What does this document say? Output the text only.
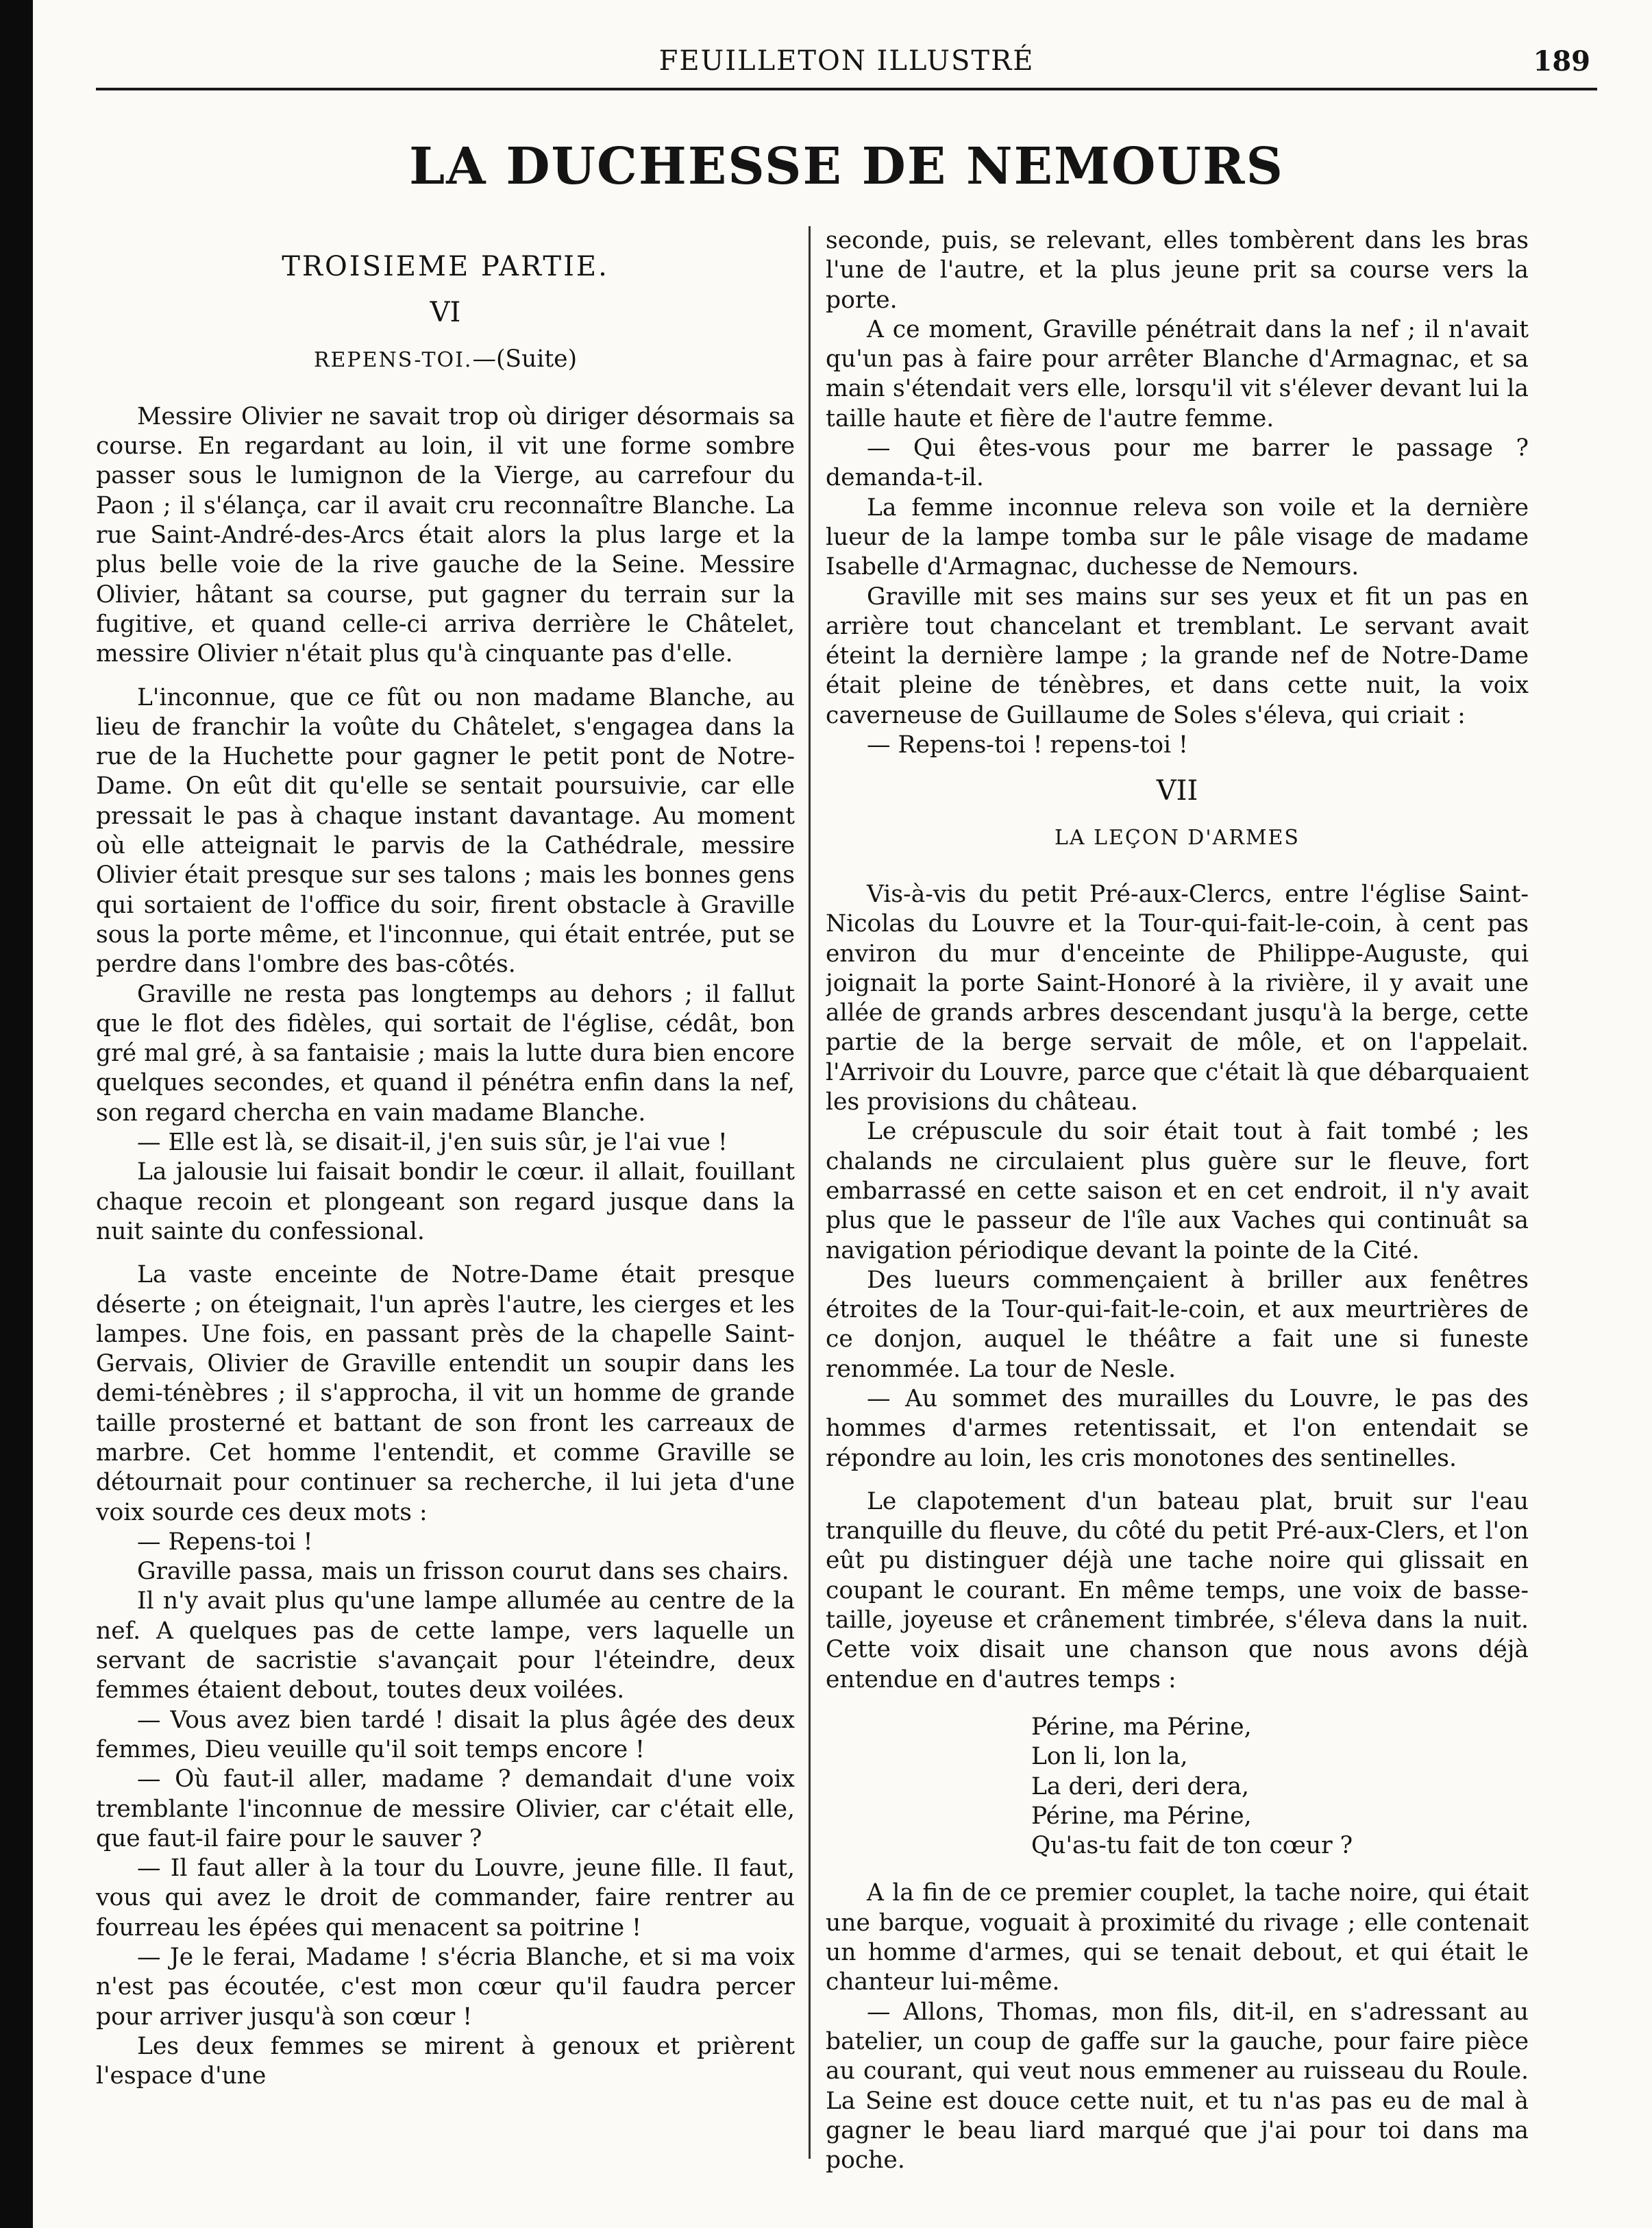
FEUILLETON ILLUSTRÉ	189
LA DUCHESSE DE NEMOURS
TROISIEME PARTIE.
VI
REPENS-TOI.—(Suite)

Messire Olivier ne savait trop où diriger désormais sa course. En regardant au loin, il vit une forme sombre passer sous le lumignon de la Vierge, au carrefour du Paon ; il s'élança, car il avait cru reconnaître Blanche. La rue Saint-André-des-Arcs était alors la plus large et la plus belle voie de la rive gauche de la Seine. Messire Olivier, hâtant sa course, put gagner du terrain sur la fugitive, et quand celle-ci arriva derrière le Châtelet, messire Olivier n'était plus qu'à cinquante pas d'elle.

L'inconnue, que ce fût ou non madame Blanche, au lieu de franchir la voûte du Châtelet, s'engagea dans la rue de la Huchette pour gagner le petit pont de Notre-Dame. On eût dit qu'elle se sentait poursuivie, car elle pressait le pas à chaque instant davantage. Au moment où elle atteignait le parvis de la Cathédrale, messire Olivier était presque sur ses talons ; mais les bonnes gens qui sortaient de l'office du soir, firent obstacle à Graville sous la porte même, et l'inconnue, qui était entrée, put se perdre dans l'ombre des bas-côtés.

Graville ne resta pas longtemps au dehors ; il fallut que le flot des fidèles, qui sortait de l'église, cédât, bon gré mal gré, à sa fantaisie ; mais la lutte dura bien encore quelques secondes, et quand il pénétra enfin dans la nef, son regard chercha en vain madame Blanche.

— Elle est là, se disait-il, j'en suis sûr, je l'ai vue !

La jalousie lui faisait bondir le cœur. il allait, fouillant chaque recoin et plongeant son regard jusque dans la nuit sainte du confessional.

La vaste enceinte de Notre-Dame était presque déserte ; on éteignait, l'un après l'autre, les cierges et les lampes. Une fois, en passant près de la chapelle Saint-Gervais, Olivier de Graville entendit un soupir dans les demi-ténèbres ; il s'approcha, il vit un homme de grande taille prosterné et battant de son front les carreaux de marbre. Cet homme l'entendit, et comme Graville se détournait pour continuer sa recherche, il lui jeta d'une voix sourde ces deux mots :

— Repens-toi !

Graville passa, mais un frisson courut dans ses chairs.

Il n'y avait plus qu'une lampe allumée au centre de la nef. A quelques pas de cette lampe, vers laquelle un servant de sacristie s'avançait pour l'éteindre, deux femmes étaient debout, toutes deux voilées.

— Vous avez bien tardé ! disait la plus âgée des deux femmes, Dieu veuille qu'il soit temps encore !

— Où faut-il aller, madame ? demandait d'une voix tremblante l'inconnue de messire Olivier, car c'était elle, que faut-il faire pour le sauver ?

— Il faut aller à la tour du Louvre, jeune fille. Il faut, vous qui avez le droit de commander, faire rentrer au fourreau les épées qui menacent sa poitrine !

— Je le ferai, Madame ! s'écria Blanche, et si ma voix n'est pas écoutée, c'est mon cœur qu'il faudra percer pour arriver jusqu'à son cœur !

Les deux femmes se mirent à genoux et prièrent l'espace d'une

seconde, puis, se relevant, elles tombèrent dans les bras l'une de l'autre, et la plus jeune prit sa course vers la porte.

A ce moment, Graville pénétrait dans la nef ; il n'avait qu'un pas à faire pour arrêter Blanche d'Armagnac, et sa main s'étendait vers elle, lorsqu'il vit s'élever devant lui la taille haute et fière de l'autre femme.

— Qui êtes-vous pour me barrer le passage ? demanda-t-il.

La femme inconnue releva son voile et la dernière lueur de la lampe tomba sur le pâle visage de madame Isabelle d'Armagnac, duchesse de Nemours.

Graville mit ses mains sur ses yeux et fit un pas en arrière tout chancelant et tremblant. Le servant avait éteint la dernière lampe ; la grande nef de Notre-Dame était pleine de ténèbres, et dans cette nuit, la voix caverneuse de Guillaume de Soles s'éleva, qui criait :

— Repens-toi ! repens-toi !

VII
LA LEÇON D'ARMES

Vis-à-vis du petit Pré-aux-Clercs, entre l'église Saint-Nicolas du Louvre et la Tour-qui-fait-le-coin, à cent pas environ du mur d'enceinte de Philippe-Auguste, qui joignait la porte Saint-Honoré à la rivière, il y avait une allée de grands arbres descendant jusqu'à la berge, cette partie de la berge servait de môle, et on l'appelait. l'Arrivoir du Louvre, parce que c'était là que débarquaient les provisions du château.

Le crépuscule du soir était tout à fait tombé ; les chalands ne circulaient plus guère sur le fleuve, fort embarrassé en cette saison et en cet endroit, il n'y avait plus que le passeur de l'île aux Vaches qui continuât sa navigation périodique devant la pointe de la Cité.

Des lueurs commençaient à briller aux fenêtres étroites de la Tour-qui-fait-le-coin, et aux meurtrières de ce donjon, auquel le théâtre a fait une si funeste renommée. La tour de Nesle.

— Au sommet des murailles du Louvre, le pas des hommes d'armes retentissait, et l'on entendait se répondre au loin, les cris monotones des sentinelles.

Le clapotement d'un bateau plat, bruit sur l'eau tranquille du fleuve, du côté du petit Pré-aux-Clers, et l'on eût pu distinguer déjà une tache noire qui glissait en coupant le courant. En même temps, une voix de basse-taille, joyeuse et crânement timbrée, s'éleva dans la nuit. Cette voix disait une chanson que nous avons déjà entendue en d'autres temps :

Périne, ma Périne,
Lon li, lon la,
La deri, deri dera,
Périne, ma Périne,
Qu'as-tu fait de ton cœur ?

A la fin de ce premier couplet, la tache noire, qui était une barque, voguait à proximité du rivage ; elle contenait un homme d'armes, qui se tenait debout, et qui était le chanteur lui-même.

— Allons, Thomas, mon fils, dit-il, en s'adressant au batelier, un coup de gaffe sur la gauche, pour faire pièce au courant, qui veut nous emmener au ruisseau du Roule. La Seine est douce cette nuit, et tu n'as pas eu de mal à gagner le beau liard marqué que j'ai pour toi dans ma poche.
